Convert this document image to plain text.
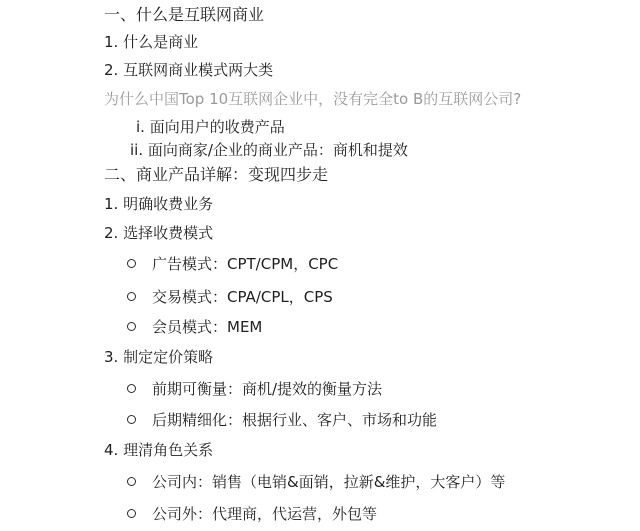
一、什么是互联网商业
1. 什么是商业
2. 互联网商业模式两大类
为什么中国Top 10互联网企业中，没有完全to B的互联网公司?
i. 面向用户的收费产品
ii. 面向商家/企业的商业产品：商机和提效
二、商业产品详解：变现四步走
1. 明确收费业务
2. 选择收费模式
广告模式：CPT/CPM，CPC
交易模式：CPA/CPL，CPS
会员模式：MEM
3. 制定定价策略
前期可衡量：商机/提效的衡量方法
后期精细化：根据行业、客户、市场和功能
4. 理清角色关系
公司内：销售（电销&面销，拉新&维护，大客户）等
公司外：代理商，代运营，外包等
